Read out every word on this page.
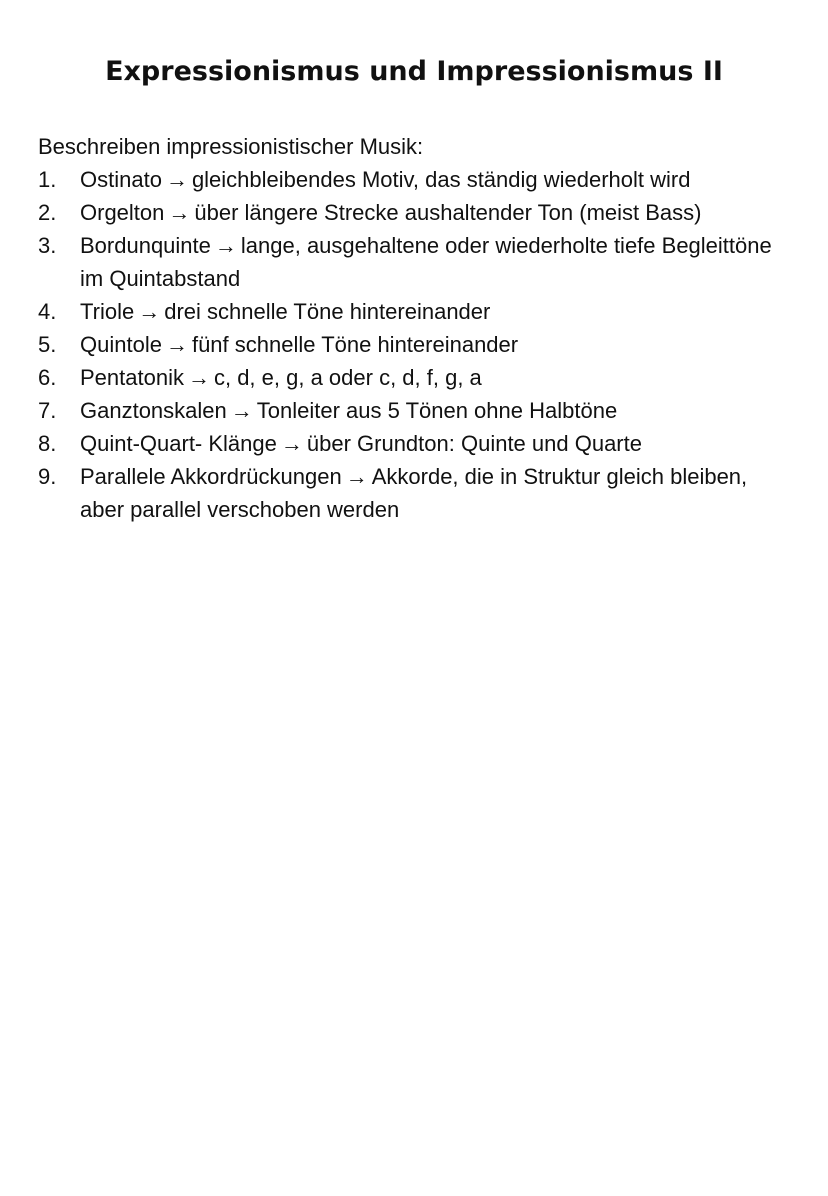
Expressionismus und Impressionismus II
Beschreiben impressionistischer Musik:
1.	Ostinato → gleichbleibendes Motiv, das ständig wiederholt wird
2.	Orgelton → über längere Strecke aushaltender Ton (meist Bass)
3.	Bordunquinte → lange, ausgehaltene oder wiederholte tiefe Begleittöne im Quintabstand
4.	Triole → drei schnelle Töne hintereinander
5.	Quintole → fünf schnelle Töne hintereinander
6.	Pentatonik → c, d, e, g, a oder c, d, f, g, a
7.	Ganztonskalen → Tonleiter aus 5 Tönen ohne Halbtöne
8.	Quint-Quart- Klänge → über Grundton: Quinte und Quarte
9.	Parallele Akkordrückungen → Akkorde, die in Struktur gleich bleiben, aber parallel verschoben werden
